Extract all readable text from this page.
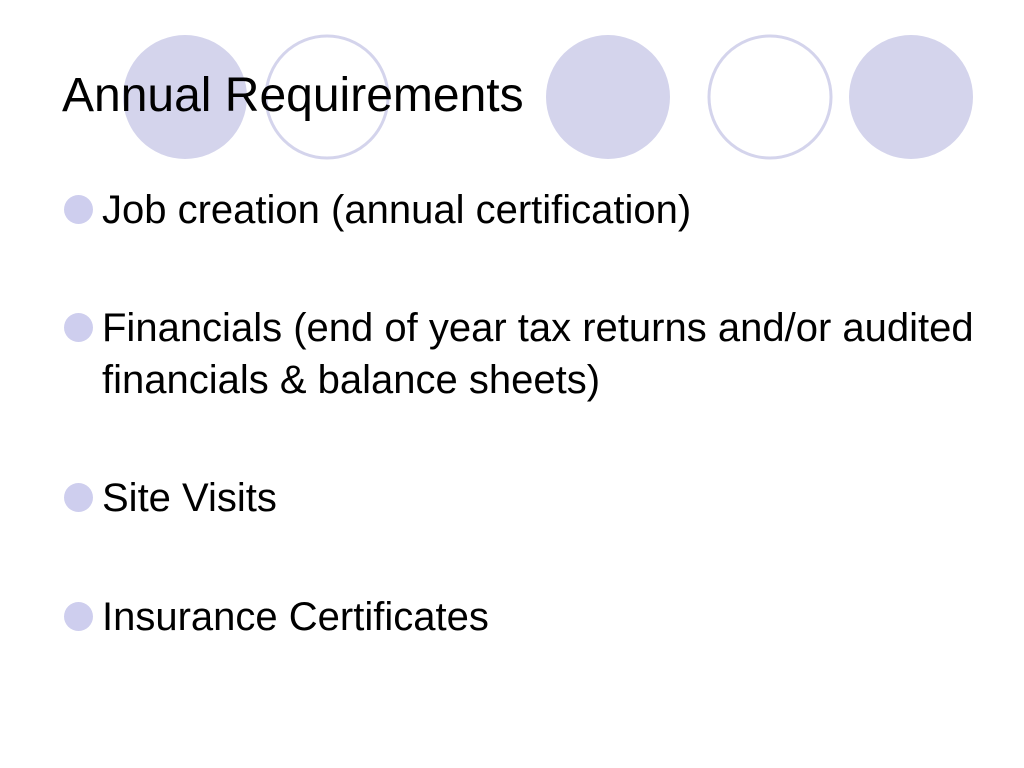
Annual Requirements
Job creation (annual certification)
Financials (end of year tax returns and/or audited financials & balance sheets)
Site Visits
Insurance Certificates
